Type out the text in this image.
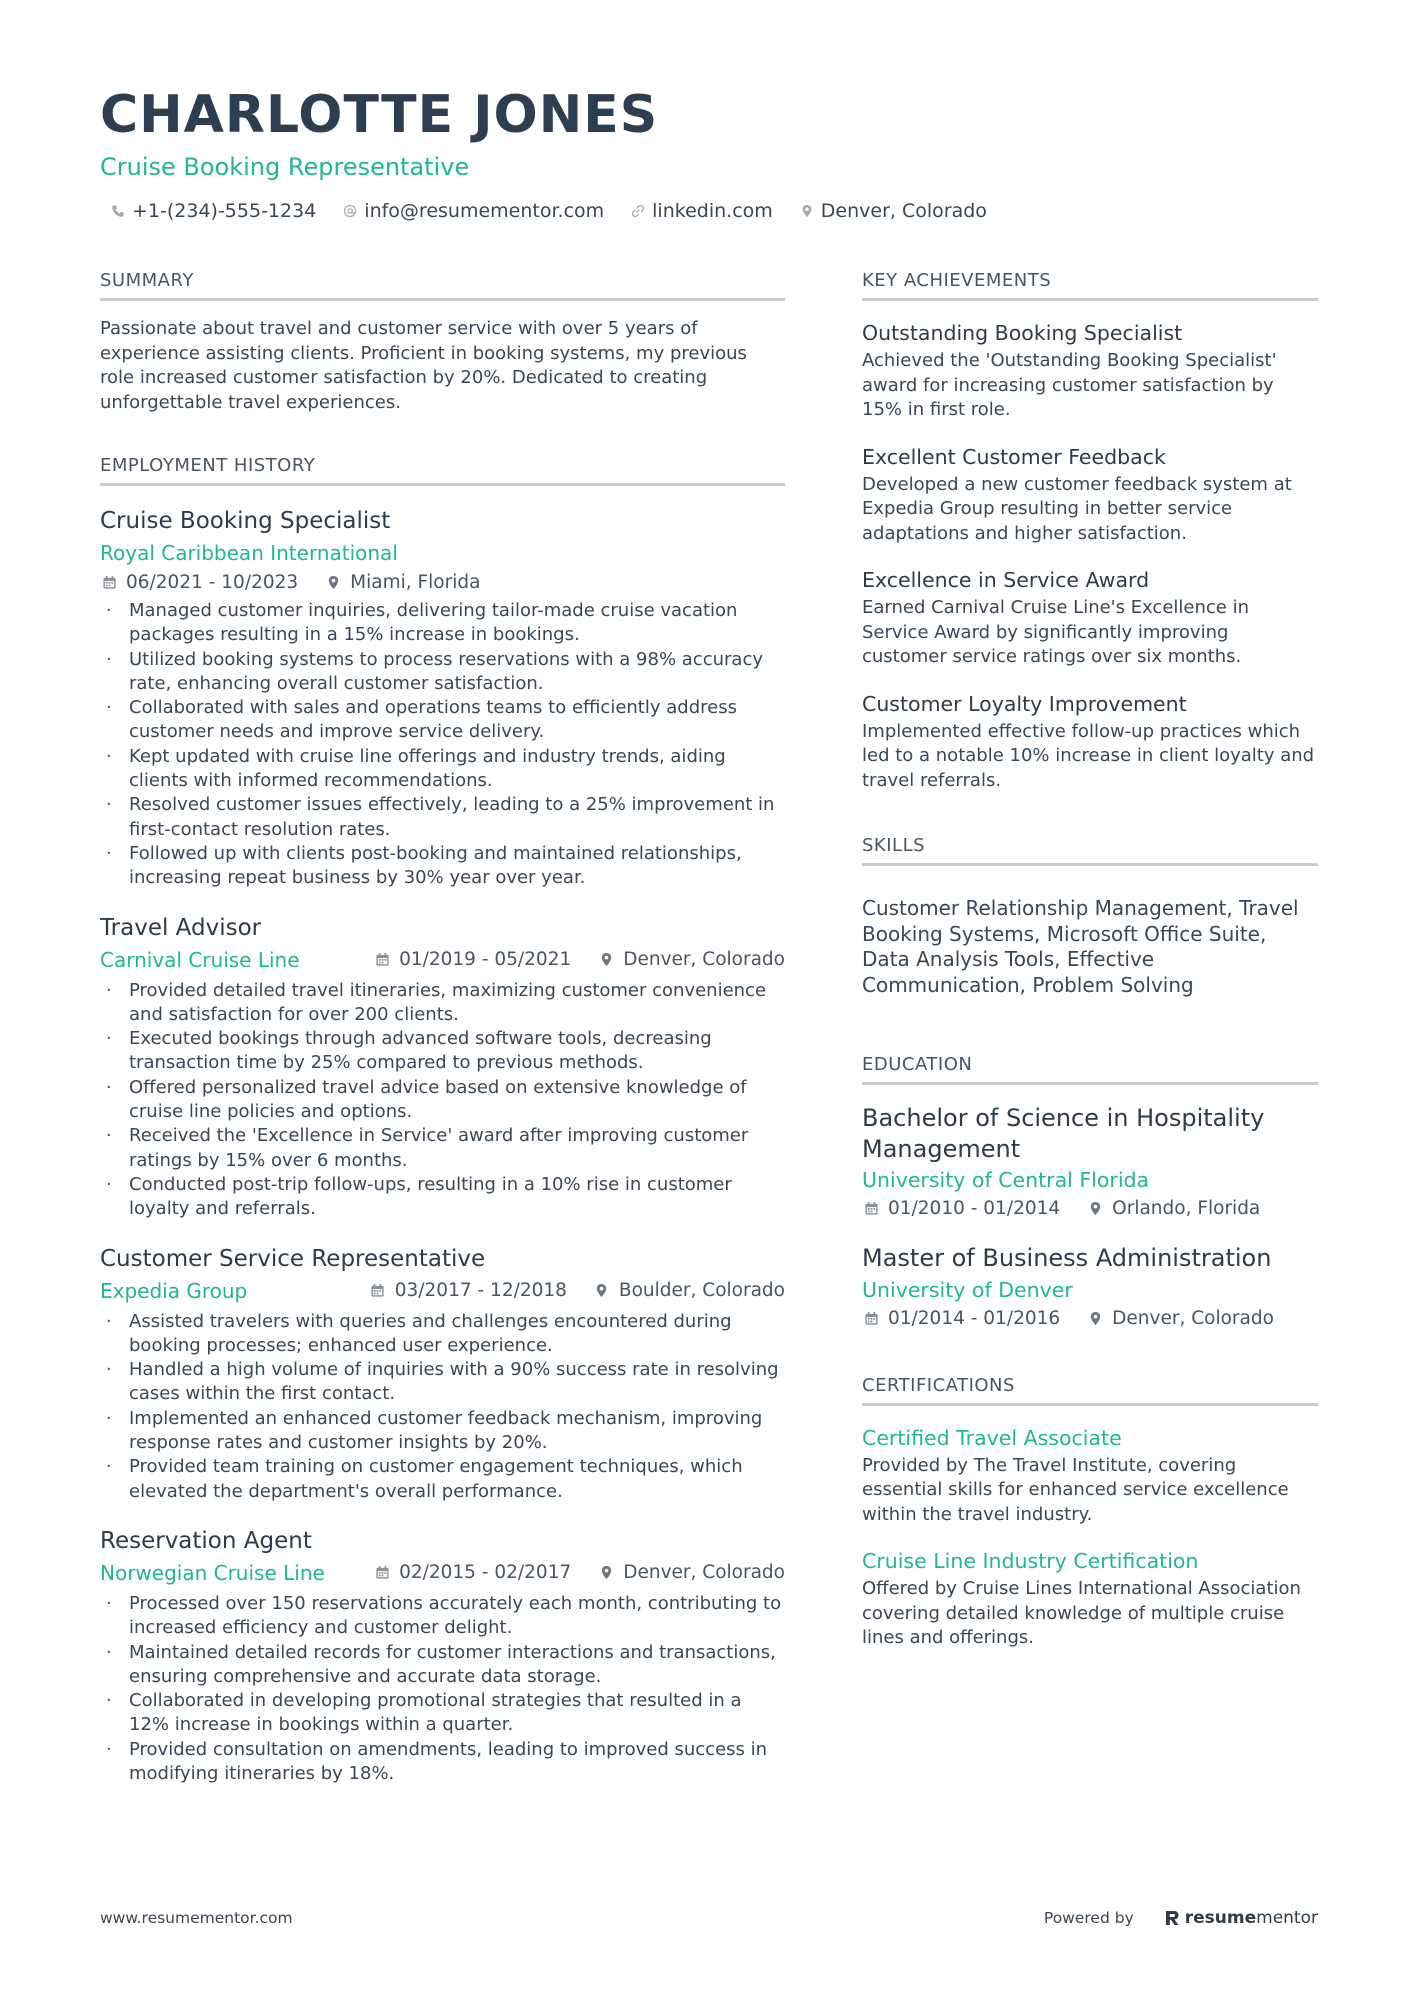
CHARLOTTE JONES
Cruise Booking Representative
+1-(234)-555-1234	info@resumementor.com	linkedin.com	Denver, Colorado
SUMMARY
Passionate about travel and customer service with over 5 years of experience assisting clients. Proficient in booking systems, my previous role increased customer satisfaction by 20%. Dedicated to creating unforgettable travel experiences.
EMPLOYMENT HISTORY
Cruise Booking Specialist
Royal Caribbean International
06/2021 - 10/2023	Miami, Florida
· Managed customer inquiries, delivering tailor-made cruise vacation packages resulting in a 15% increase in bookings.
· Utilized booking systems to process reservations with a 98% accuracy rate, enhancing overall customer satisfaction.
· Collaborated with sales and operations teams to efficiently address customer needs and improve service delivery.
· Kept updated with cruise line offerings and industry trends, aiding clients with informed recommendations.
· Resolved customer issues effectively, leading to a 25% improvement in first-contact resolution rates.
· Followed up with clients post-booking and maintained relationships, increasing repeat business by 30% year over year.
Travel Advisor
Carnival Cruise Line	01/2019 - 05/2021	Denver, Colorado
· Provided detailed travel itineraries, maximizing customer convenience and satisfaction for over 200 clients.
· Executed bookings through advanced software tools, decreasing transaction time by 25% compared to previous methods.
· Offered personalized travel advice based on extensive knowledge of cruise line policies and options.
· Received the 'Excellence in Service' award after improving customer ratings by 15% over 6 months.
· Conducted post-trip follow-ups, resulting in a 10% rise in customer loyalty and referrals.
Customer Service Representative
Expedia Group	03/2017 - 12/2018	Boulder, Colorado
· Assisted travelers with queries and challenges encountered during booking processes; enhanced user experience.
· Handled a high volume of inquiries with a 90% success rate in resolving cases within the first contact.
· Implemented an enhanced customer feedback mechanism, improving response rates and customer insights by 20%.
· Provided team training on customer engagement techniques, which elevated the department's overall performance.
Reservation Agent
Norwegian Cruise Line	02/2015 - 02/2017	Denver, Colorado
· Processed over 150 reservations accurately each month, contributing to increased efficiency and customer delight.
· Maintained detailed records for customer interactions and transactions, ensuring comprehensive and accurate data storage.
· Collaborated in developing promotional strategies that resulted in a 12% increase in bookings within a quarter.
· Provided consultation on amendments, leading to improved success in modifying itineraries by 18%.
KEY ACHIEVEMENTS
Outstanding Booking Specialist
Achieved the 'Outstanding Booking Specialist' award for increasing customer satisfaction by 15% in first role.
Excellent Customer Feedback
Developed a new customer feedback system at Expedia Group resulting in better service adaptations and higher satisfaction.
Excellence in Service Award
Earned Carnival Cruise Line's Excellence in Service Award by significantly improving customer service ratings over six months.
Customer Loyalty Improvement
Implemented effective follow-up practices which led to a notable 10% increase in client loyalty and travel referrals.
SKILLS
Customer Relationship Management, Travel Booking Systems, Microsoft Office Suite, Data Analysis Tools, Effective Communication, Problem Solving
EDUCATION
Bachelor of Science in Hospitality Management
University of Central Florida
01/2010 - 01/2014	Orlando, Florida
Master of Business Administration
University of Denver
01/2014 - 01/2016	Denver, Colorado
CERTIFICATIONS
Certified Travel Associate
Provided by The Travel Institute, covering essential skills for enhanced service excellence within the travel industry.
Cruise Line Industry Certification
Offered by Cruise Lines International Association covering detailed knowledge of multiple cruise lines and offerings.
www.resumementor.com	Powered by	resume mentor
